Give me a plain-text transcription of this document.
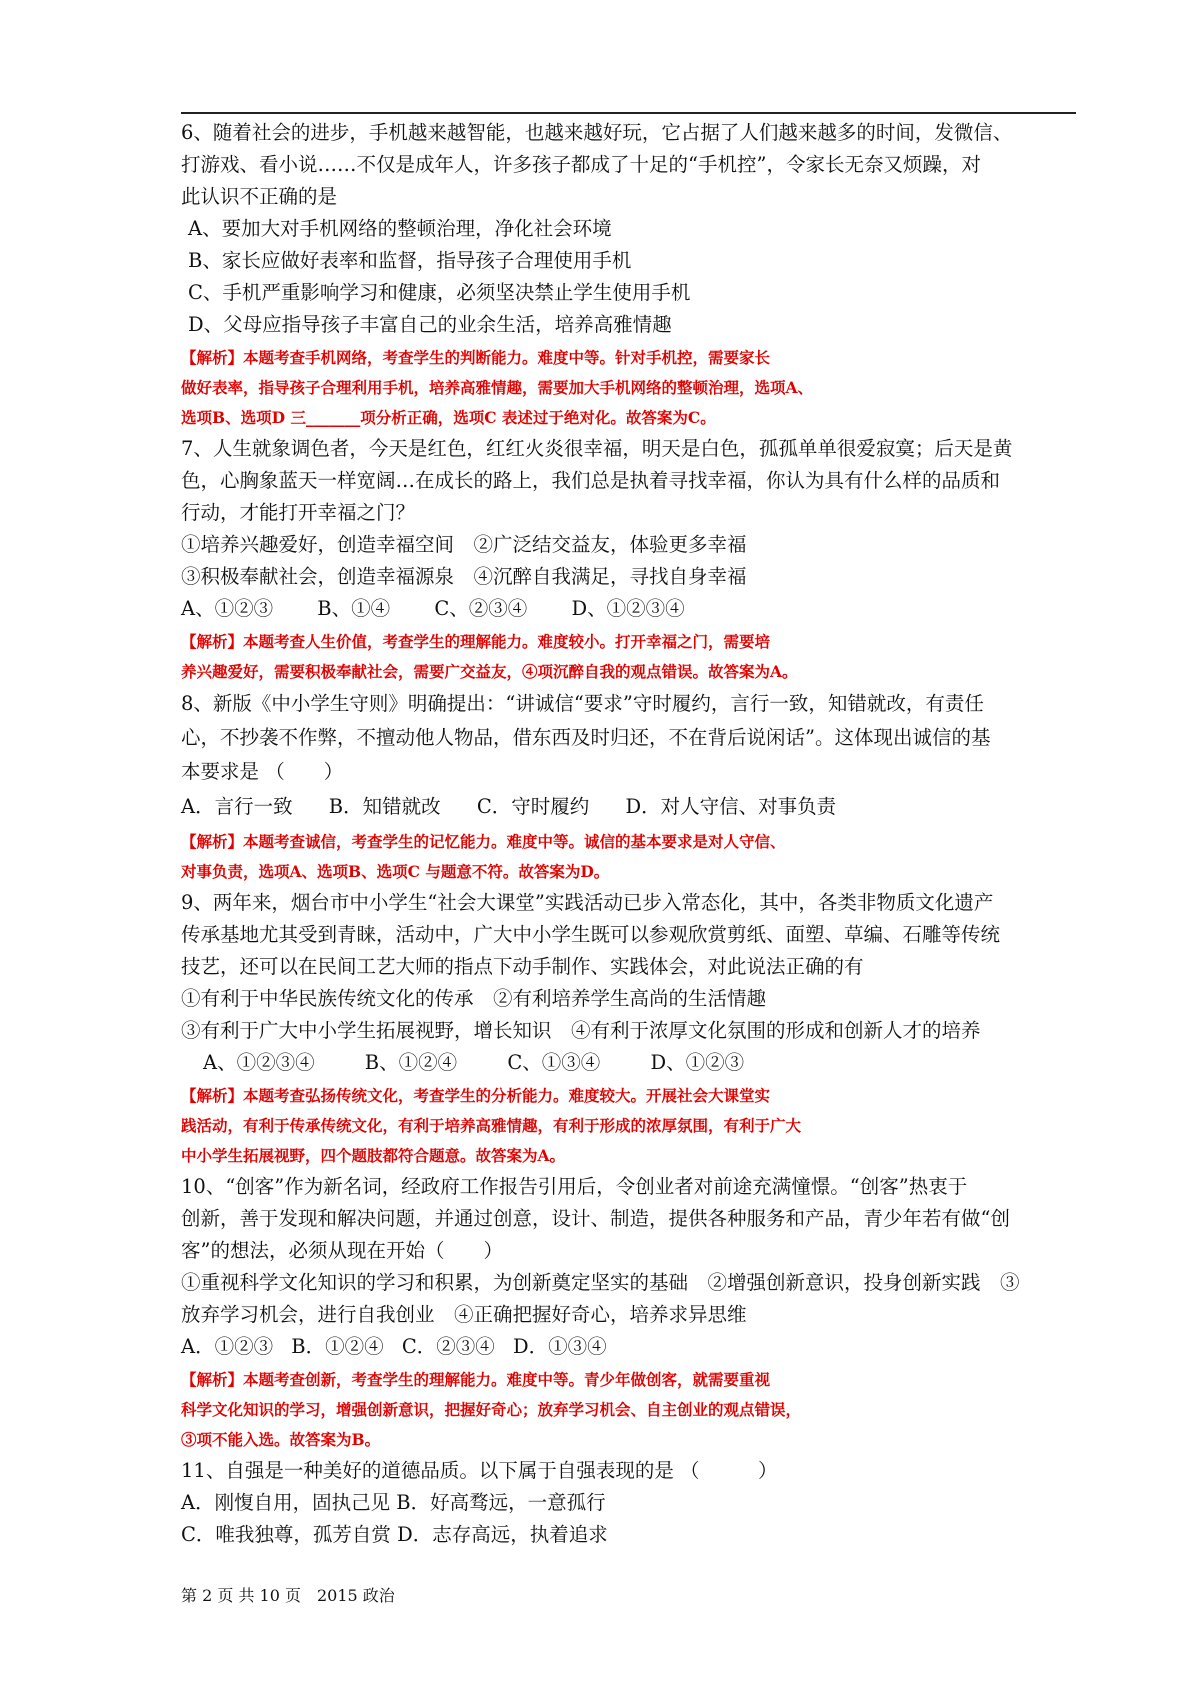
6、随着社会的进步，手机越来越智能，也越来越好玩，它占据了人们越来越多的时间，发微信、
打游戏、看小说……不仅是成年人，许多孩子都成了十足的“手机控”，令家长无奈又烦躁，对
此认识不正确的是

A、要加大对手机网络的整顿治理，净化社会环境

B、家长应做好表率和监督，指导孩子合理使用手机

C、手机严重影响学习和健康，必须坚决禁止学生使用手机

D、父母应指导孩子丰富自己的业余生活，培养高雅情趣

【解析】本题考查手机网络，考查学生的判断能力。难度中等。针对手机控，需要家长
做好表率，指导孩子合理利用手机，培养高雅情趣，需要加大手机网络的整顿治理，选项A、
选项B、选项D 三_______项分析正确，选项C 表述过于绝对化。故答案为C。

7、人生就象调色者，今天是红色，红红火炎很幸福，明天是白色，孤孤单单很爱寂寞；后天是黄
色，心胸象蓝天一样宽阔…在成长的路上，我们总是执着寻找幸福，你认为具有什么样的品质和
行动，才能打开幸福之门？

①培养兴趣爱好，创造幸福空间　②广泛结交益友，体验更多幸福

③积极奉献社会，创造幸福源泉　④沉醉自我满足，寻找自身幸福

A、①②③ B、①④ C、②③④ D、①②③④

【解析】本题考查人生价值，考查学生的理解能力。难度较小。打开幸福之门，需要培
养兴趣爱好，需要积极奉献社会，需要广交益友，④项沉醉自我的观点错误。故答案为A。

8、新版《中小学生守则》明确提出：“讲诚信“要求”守时履约，言行一致，知错就改，有责任
心，不抄袭不作弊，不擅动他人物品，借东西及时归还，不在背后说闲话”。这体现出诚信的基
本要求是 （　　）

A．言行一致 B．知错就改 C．守时履约 D．对人守信、对事负责

【解析】本题考查诚信，考查学生的记忆能力。难度中等。诚信的基本要求是对人守信、
对事负责，选项A、选项B、选项C 与题意不符。故答案为D。

9、两年来，烟台市中小学生“社会大课堂”实践活动已步入常态化，其中，各类非物质文化遗产
传承基地尤其受到青睐，活动中，广大中小学生既可以参观欣赏剪纸、面塑、草编、石雕等传统
技艺，还可以在民间工艺大师的指点下动手制作、实践体会，对此说法正确的有

①有利于中华民族传统文化的传承　②有利培养学生高尚的生活情趣

③有利于广大中小学生拓展视野，增长知识　④有利于浓厚文化氛围的形成和创新人才的培养

A、①②③④	B、①②④	C、①③④	D、①②③

【解析】本题考查弘扬传统文化，考查学生的分析能力。难度较大。开展社会大课堂实
践活动，有利于传承传统文化，有利于培养高雅情趣，有利于形成的浓厚氛围，有利于广大
中小学生拓展视野，四个题肢都符合题意。故答案为A。

10、“创客”作为新名词，经政府工作报告引用后，令创业者对前途充满憧憬。“创客”热衷于
创新，善于发现和解决问题，并通过创意，设计、制造，提供各种服务和产品，青少年若有做“创
客”的想法，必须从现在开始（　　）

①重视科学文化知识的学习和积累，为创新奠定坚实的基础　②增强创新意识，投身创新实践　③

放弃学习机会，进行自我创业　④正确把握好奇心，培养求异思维

A．①②③ B．①②④ C．②③④ D．①③④

【解析】本题考查创新，考查学生的理解能力。难度中等。青少年做创客，就需要重视
科学文化知识的学习，增强创新意识，把握好奇心；放弃学习机会、自主创业的观点错误，
③项不能入选。故答案为B。

11、自强是一种美好的道德品质。以下属于自强表现的是 （　　　）

A．刚愎自用，固执己见 B．好高骛远，一意孤行

C．唯我独尊，孤芳自赏 D．志存高远，执着追求

第 2 页 共 10 页　2015 政治
